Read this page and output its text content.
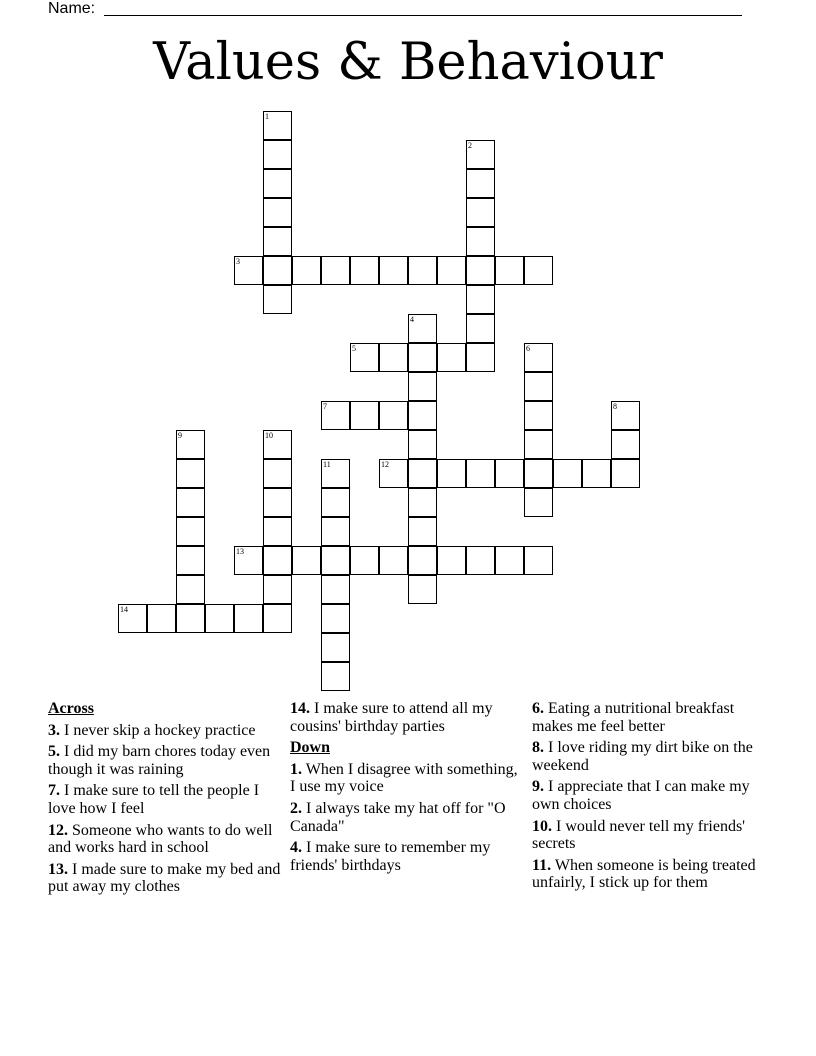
Name:
Values & Behaviour
1
2
3
4
5	6
7	8
9	10
11	12
13
14
Across
3. I never skip a hockey practice
5. I did my barn chores today even though it was raining
7. I make sure to tell the people I love how I feel
12. Someone who wants to do well and works hard in school
13. I made sure to make my bed and put away my clothes
14. I make sure to attend all my cousins' birthday parties
Down
1. When I disagree with something, I use my voice
2. I always take my hat off for "O Canada"
4. I make sure to remember my friends' birthdays
6. Eating a nutritional breakfast makes me feel better
8. I love riding my dirt bike on the weekend
9. I appreciate that I can make my own choices
10. I would never tell my friends' secrets
11. When someone is being treated unfairly, I stick up for them
